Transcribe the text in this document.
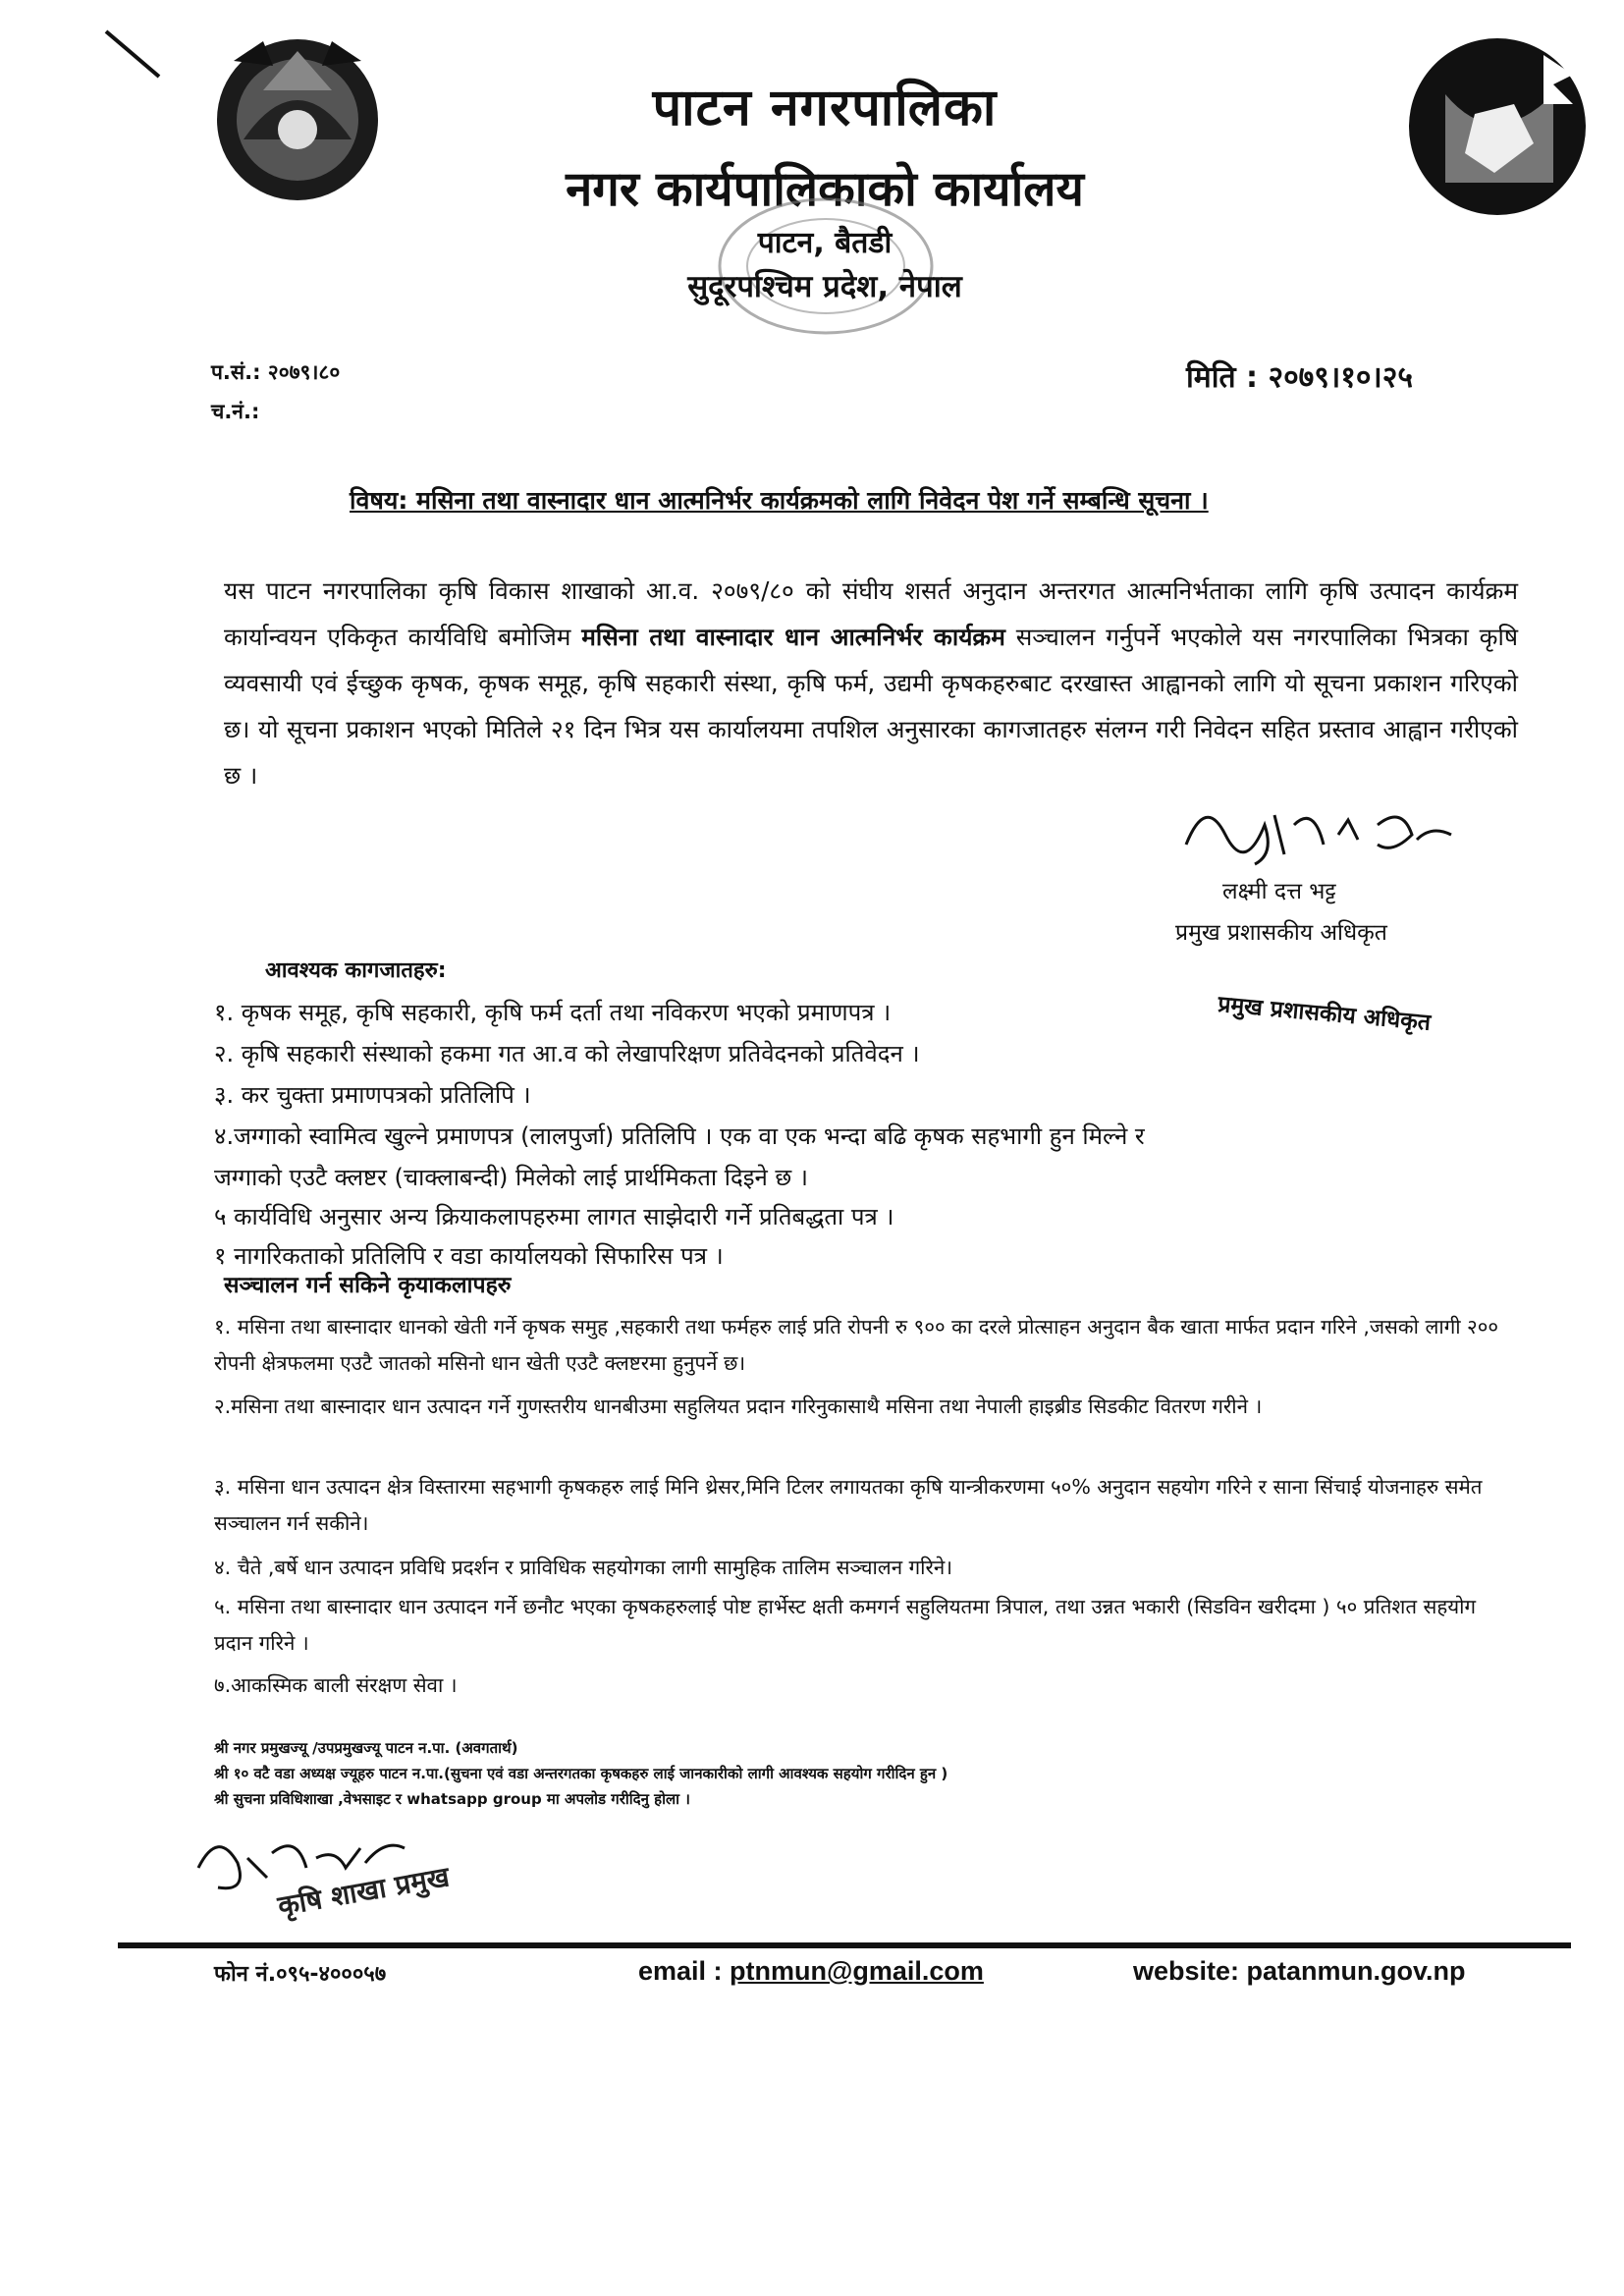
पाटन नगरपालिका
नगर कार्यपालिकाको कार्यालय
पाटन, बैतडी
सुदूरपश्चिम प्रदेश, नेपाल
प.सं.: २०७९।८०
च.नं.:
मिति : २०७९।१०।२५
विषय: मसिना तथा वास्नादार धान आत्मनिर्भर कार्यक्रमको लागि निवेदन पेश गर्ने सम्बन्धि सूचना ।
यस पाटन नगरपालिका कृषि विकास शाखाको आ.व. २०७९/८० को संघीय शसर्त अनुदान अन्तरगत आत्मनिर्भताका लागि कृषि उत्पादन कार्यक्रम कार्यान्वयन एकिकृत कार्यविधि बमोजिम मसिना तथा वास्नादार धान आत्मनिर्भर कार्यक्रम सञ्चालन गर्नुपर्ने भएकोले यस नगरपालिका भित्रका कृषि व्यवसायी एवं ईच्छुक कृषक, कृषक समूह, कृषि सहकारी संस्था, कृषि फर्म, उद्यमी कृषकहरुबाट दरखास्त आह्वानको लागि यो सूचना प्रकाशन गरिएको छ। यो सूचना प्रकाशन भएको मितिले २१ दिन भित्र यस कार्यालयमा तपशिल अनुसारका कागजातहरु संलग्न गरी निवेदन सहित प्रस्ताव आह्वान गरीएको छ ।
लक्ष्मी दत्त भट्ट
प्रमुख प्रशासकीय अधिकृत
प्रमुख प्रशासकीय अधिकृत
आवश्यक कागजातहरु:
१. कृषक समूह, कृषि सहकारी, कृषि फर्म दर्ता तथा नविकरण भएको प्रमाणपत्र ।
२. कृषि सहकारी संस्थाको हकमा गत आ.व को लेखापरिक्षण प्रतिवेदनको प्रतिवेदन ।
३. कर चुक्ता प्रमाणपत्रको प्रतिलिपि ।
४.जग्गाको स्वामित्व खुल्ने प्रमाणपत्र (लालपुर्जा) प्रतिलिपि । एक वा एक भन्दा बढि कृषक सहभागी हुन मिल्ने र
जग्गाको एउटै क्लष्टर (चाक्लाबन्दी) मिलेको लाई प्रार्थमिकता दिइने छ ।
५ कार्यविधि अनुसार अन्य क्रियाकलापहरुमा लागत साझेदारी गर्ने प्रतिबद्धता पत्र ।
१ नागरिकताको प्रतिलिपि र वडा कार्यालयको सिफारिस पत्र ।
सञ्चालन गर्न सकिने कृयाकलापहरु
१. मसिना तथा बास्नादार धानको खेती गर्ने कृषक समुह ,सहकारी तथा फर्महरु लाई प्रति रोपनी रु ९०० का दरले प्रोत्साहन अनुदान बैक खाता मार्फत प्रदान गरिने ,जसको लागी २०० रोपनी क्षेत्रफलमा एउटै जातको मसिनो धान खेती एउटै क्लष्टरमा हुनुपर्ने छ।
२.मसिना तथा बास्नादार धान उत्पादन गर्ने गुणस्तरीय धानबीउमा सहुलियत प्रदान गरिनुकासाथै मसिना तथा नेपाली हाइब्रीड सिडकीट वितरण गरीने ।
३. मसिना धान उत्पादन क्षेत्र विस्तारमा सहभागी कृषकहरु लाई मिनि थ्रेसर,मिनि टिलर लगायतका कृषि यान्त्रीकरणमा ५०% अनुदान सहयोग गरिने र साना सिंचाई योजनाहरु समेत सञ्चालन गर्न सकीने।
४. चैते ,बर्षे धान उत्पादन प्रविधि प्रदर्शन र प्राविधिक सहयोगका लागी सामुहिक तालिम सञ्चालन गरिने।
५. मसिना तथा बास्नादार धान उत्पादन गर्ने छनौट भएका कृषकहरुलाई पोष्ट हार्भेस्ट क्षती कमगर्न सहुलियतमा त्रिपाल, तथा उन्नत भकारी (सिडविन खरीदमा ) ५० प्रतिशत सहयोग प्रदान गरिने ।
७.आकस्मिक बाली संरक्षण सेवा ।
श्री नगर प्रमुखज्यू /उपप्रमुखज्यू पाटन न.पा. (अवगतार्थ)
श्री १० वटै वडा अध्यक्ष ज्यूहरु पाटन न.पा.(सुचना एवं वडा अन्तरगतका कृषकहरु लाई जानकारीको लागी आवश्यक सहयोग गरीदिन हुन )
श्री सुचना प्रविधिशाखा ,वेभसाइट र whatsapp group मा अपलोड गरीदिनु होला ।
कृषि शाखा प्रमुख
फोन नं.०९५-४०००५७	email : ptnmun@gmail.com	website: patanmun.gov.np
